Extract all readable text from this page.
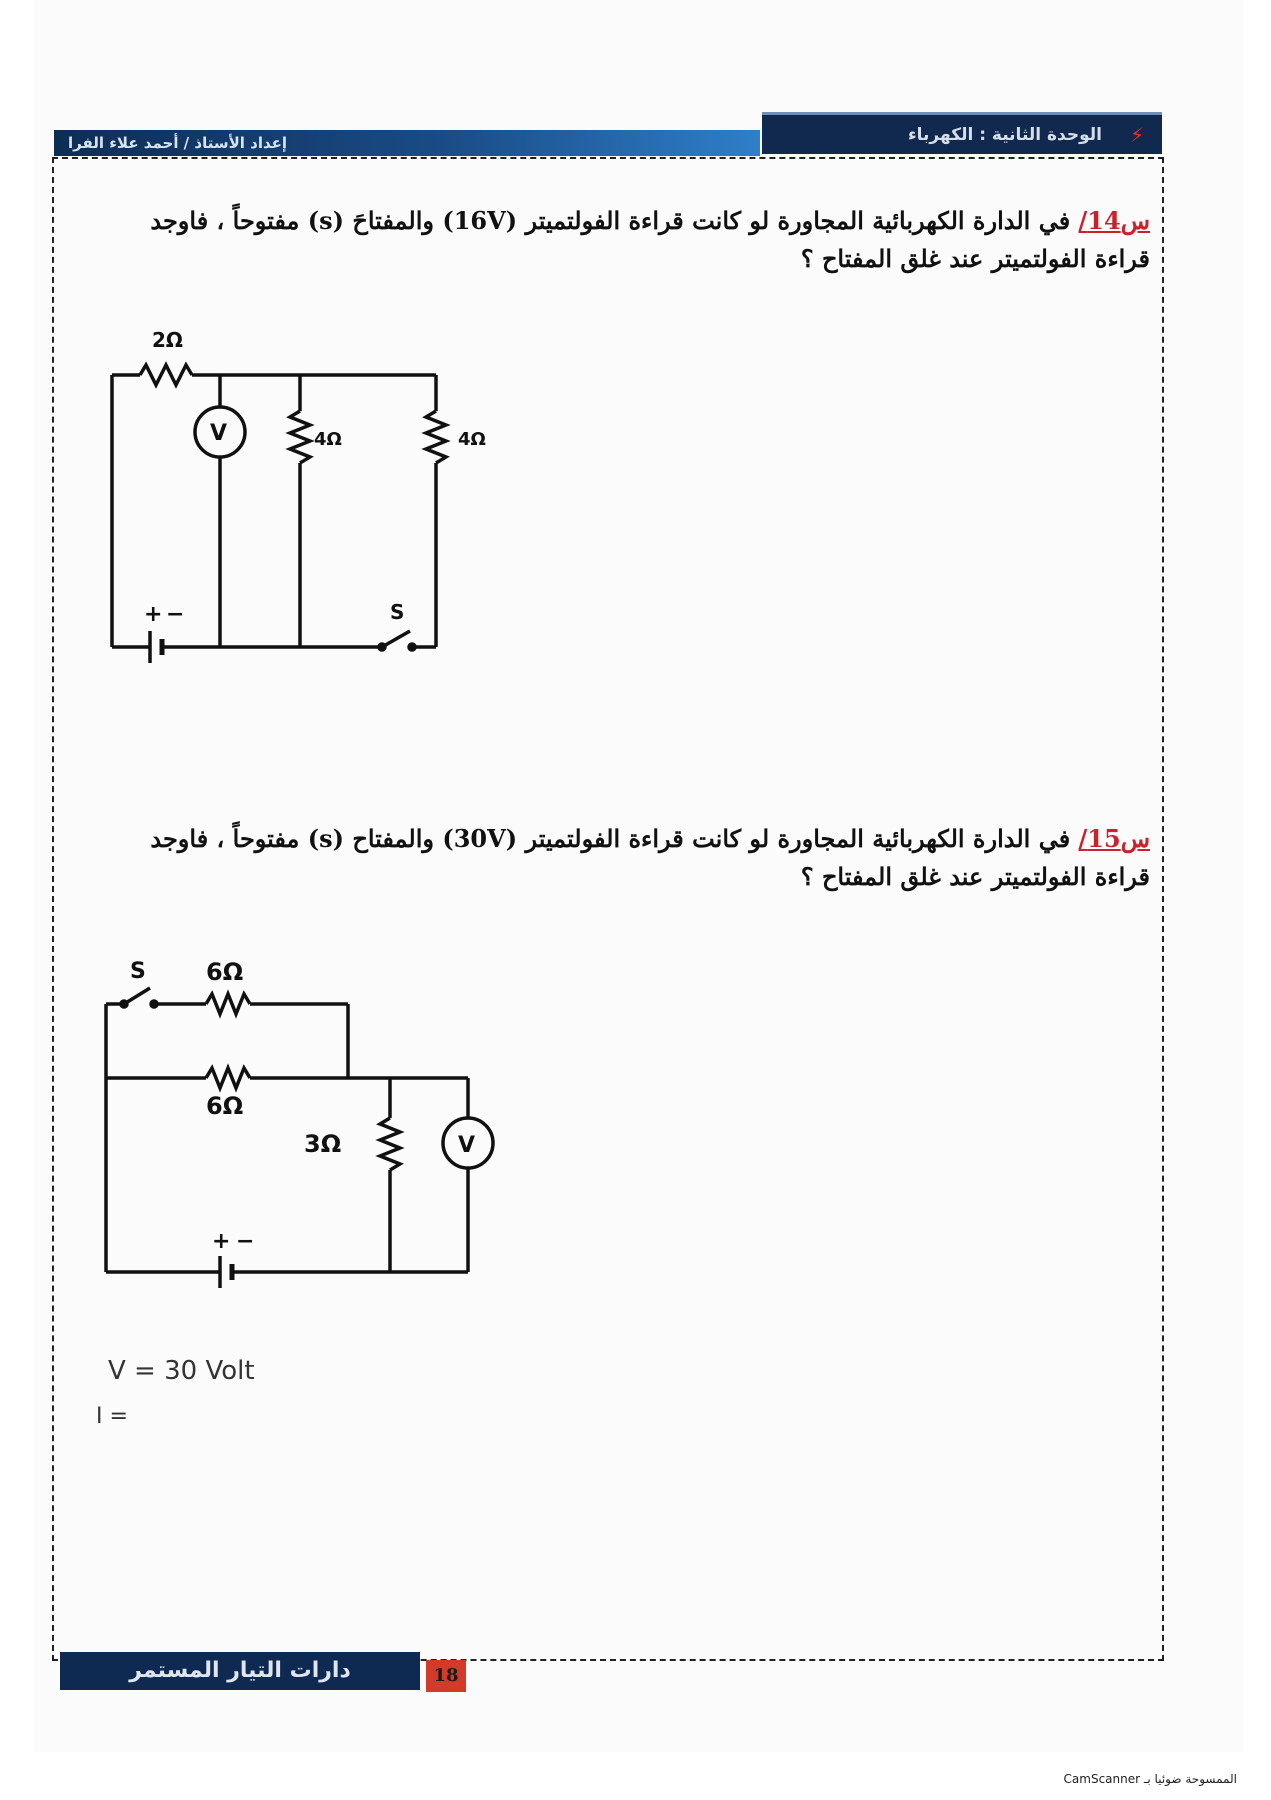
إعداد الأستاذ / أحمد علاء الفرا	الوحدة الثانية : الكهرباء ⚡
س14/ في الدارة الكهربائية المجاورة لو كانت قراءة الفولتميتر (16V) والمفتاحَ (s) مفتوحاً ، فاوجد
قراءة الفولتميتر عند غلق المفتاح ؟
2Ω
V	4Ω	4Ω
S
+ −
س15/ في الدارة الكهربائية المجاورة لو كانت قراءة الفولتميتر (30V) والمفتاح (s) مفتوحاً ، فاوجد
قراءة الفولتميتر عند غلق المفتاح ؟
S	6Ω
6Ω
3Ω	V
+ −
V = 30 Volt
I =
دارات التيار المستمر	18
الممسوحة ضوئيا بـ CamScanner
